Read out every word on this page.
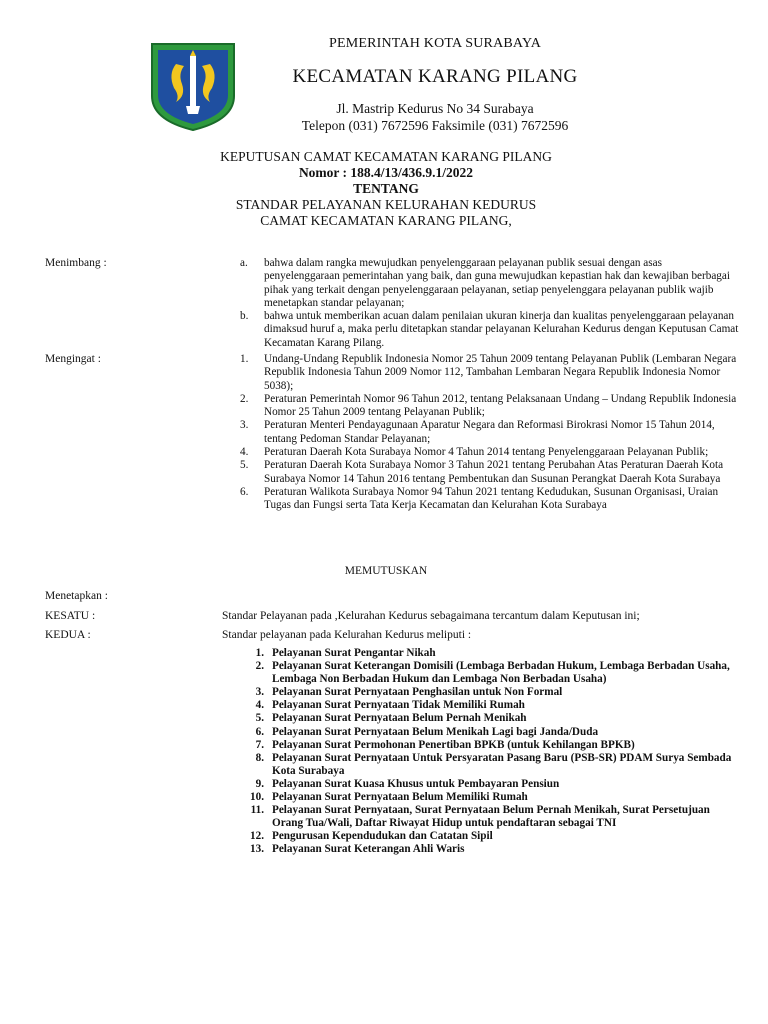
PEMERINTAH KOTA SURABAYA
KECAMATAN KARANG PILANG
Jl. Mastrip Kedurus No 34 Surabaya
Telepon (031) 7672596 Faksimile (031) 7672596
KEPUTUSAN CAMAT KECAMATAN KARANG PILANG
Nomor : 188.4/13/436.9.1/2022
TENTANG
STANDAR PELAYANAN KELURAHAN KEDURUS
CAMAT KECAMATAN KARANG PILANG,
Menimbang :	a.	bahwa dalam rangka mewujudkan penyelenggaraan pelayanan publik sesuai dengan asas penyelenggaraan pemerintahan yang baik, dan guna mewujudkan kepastian hak dan kewajiban berbagai pihak yang terkait dengan penyelenggaraan pelayanan, setiap penyelenggara pelayanan publik wajib menetapkan standar pelayanan;
b.	bahwa untuk memberikan acuan dalam penilaian ukuran kinerja dan kualitas penyelenggaraan pelayanan dimaksud huruf a, maka perlu ditetapkan standar pelayanan Kelurahan Kedurus dengan Keputusan Camat Kecamatan Karang Pilang.
Mengingat :	1.	Undang-Undang Republik Indonesia Nomor 25 Tahun 2009 tentang Pelayanan Publik (Lembaran Negara Republik Indonesia Tahun 2009 Nomor 112, Tambahan Lembaran Negara Republik Indonesia Nomor 5038);
2.	Peraturan Pemerintah Nomor 96 Tahun 2012, tentang Pelaksanaan Undang – Undang Republik Indonesia Nomor 25 Tahun 2009 tentang Pelayanan Publik;
3.	Peraturan Menteri Pendayagunaan Aparatur Negara dan Reformasi Birokrasi Nomor 15 Tahun 2014, tentang Pedoman Standar Pelayanan;
4.	Peraturan Daerah Kota Surabaya Nomor 4 Tahun 2014 tentang Penyelenggaraan Pelayanan Publik;
5.	Peraturan Daerah Kota Surabaya Nomor 3 Tahun 2021 tentang Perubahan Atas Peraturan Daerah Kota Surabaya Nomor 14 Tahun 2016 tentang Pembentukan dan Susunan Perangkat Daerah Kota Surabaya
6.	Peraturan Walikota Surabaya Nomor 94 Tahun 2021 tentang Kedudukan, Susunan Organisasi, Uraian Tugas dan Fungsi serta Tata Kerja Kecamatan dan Kelurahan Kota Surabaya
MEMUTUSKAN
Menetapkan :
KESATU :	Standar Pelayanan pada ,Kelurahan Kedurus sebagaimana tercantum dalam Keputusan ini;
KEDUA :	Standar pelayanan pada Kelurahan Kedurus meliputi :
1. Pelayanan Surat Pengantar Nikah
2. Pelayanan Surat Keterangan Domisili (Lembaga Berbadan Hukum, Lembaga Berbadan Usaha, Lembaga Non Berbadan Hukum dan Lembaga Non Berbadan Usaha)
3. Pelayanan Surat Pernyataan Penghasilan untuk Non Formal
4. Pelayanan Surat Pernyataan Tidak Memiliki Rumah
5. Pelayanan Surat Pernyataan Belum Pernah Menikah
6. Pelayanan Surat Pernyataan Belum Menikah Lagi bagi Janda/Duda
7. Pelayanan Surat Permohonan Penertiban BPKB (untuk Kehilangan BPKB)
8. Pelayanan Surat Pernyataan Untuk Persyaratan Pasang Baru (PSB-SR) PDAM Surya Sembada Kota Surabaya
9. Pelayanan Surat Kuasa Khusus untuk Pembayaran Pensiun
10. Pelayanan Surat Pernyataan Belum Memiliki Rumah
11. Pelayanan Surat Pernyataan, Surat Pernyataan Belum Pernah Menikah, Surat Persetujuan Orang Tua/Wali, Daftar Riwayat Hidup untuk pendaftaran sebagai TNI
12. Pengurusan Kependudukan dan Catatan Sipil
13. Pelayanan Surat Keterangan Ahli Waris
